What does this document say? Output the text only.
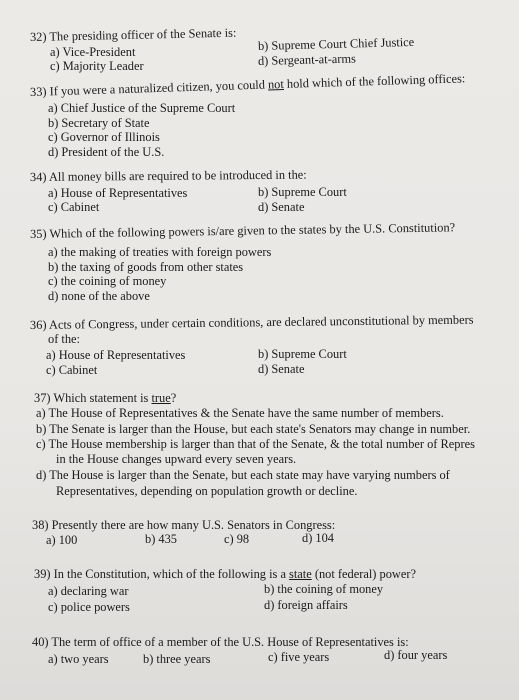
32) The presiding officer of the Senate is:
a) Vice-President	b) Supreme Court Chief Justice
c) Majority Leader	d) Sergeant-at-arms
33) If you were a naturalized citizen, you could not hold which of the following offices:
a) Chief Justice of the Supreme Court
b) Secretary of State
c) Governor of Illinois
d) President of the U.S.
34) All money bills are required to be introduced in the:
a) House of Representatives	b) Supreme Court
c) Cabinet	d) Senate
35) Which of the following powers is/are given to the states by the U.S. Constitution?
a) the making of treaties with foreign powers
b) the taxing of goods from other states
c) the coining of money
d) none of the above
36) Acts of Congress, under certain conditions, are declared unconstitutional by members
of the:
a) House of Representatives	b) Supreme Court
c) Cabinet	d) Senate
37) Which statement is true?
a) The House of Representatives & the Senate have the same number of members.
b) The Senate is larger than the House, but each state's Senators may change in number.
c) The House membership is larger than that of the Senate, & the total number of Repres
in the House changes upward every seven years.
d) The House is larger than the Senate, but each state may have varying numbers of
Representatives, depending on population growth or decline.
38) Presently there are how many U.S. Senators in Congress:
a) 100	b) 435	c) 98	d) 104
39) In the Constitution, which of the following is a state (not federal) power?
a) declaring war	b) the coining of money
c) police powers	d) foreign affairs
40) The term of office of a member of the U.S. House of Representatives is:
a) two years	b) three years	c) five years	d) four years
